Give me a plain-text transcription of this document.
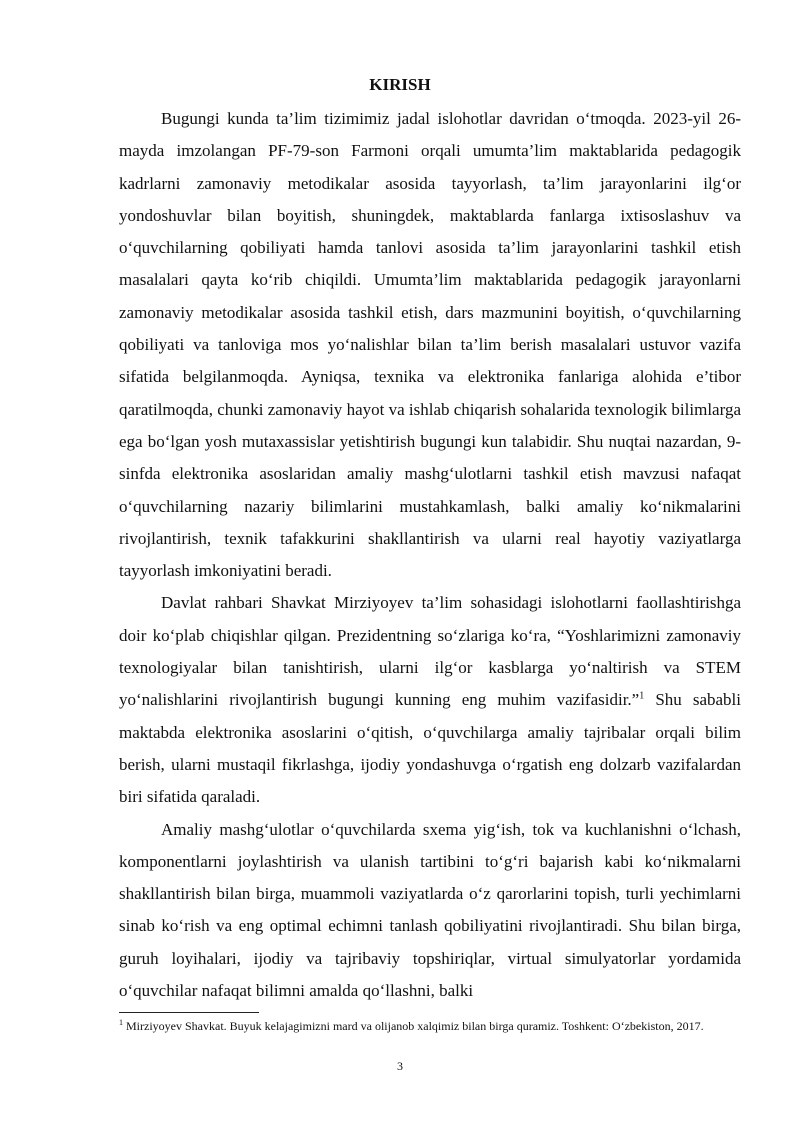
KIRISH

Bugungi kunda ta’lim tizimimiz jadal islohotlar davridan o‘tmoqda. 2023-yil 26-mayda imzolangan PF-79-son Farmoni orqali umumta’lim maktablarida pedagogik kadrlarni zamonaviy metodikalar asosida tayyorlash, ta’lim jarayonlarini ilg‘or yondoshuvlar bilan boyitish, shuningdek, maktablarda fanlarga ixtisoslashuv va o‘quvchilarning qobiliyati hamda tanlovi asosida ta’lim jarayonlarini tashkil etish masalalari qayta ko‘rib chiqildi. Umumta’lim maktablarida pedagogik jarayonlarni zamonaviy metodikalar asosida tashkil etish, dars mazmunini boyitish, o‘quvchilarning qobiliyati va tanloviga mos yo‘nalishlar bilan ta’lim berish masalalari ustuvor vazifa sifatida belgilanmoqda. Ayniqsa, texnika va elektronika fanlariga alohida e’tibor qaratilmoqda, chunki zamonaviy hayot va ishlab chiqarish sohalarida texnologik bilimlarga ega bo‘lgan yosh mutaxassislar yetishtirish bugungi kun talabidir. Shu nuqtai nazardan, 9-sinfda elektronika asoslaridan amaliy mashg‘ulotlarni tashkil etish mavzusi nafaqat o‘quvchilarning nazariy bilimlarini mustahkamlash, balki amaliy ko‘nikmalarini rivojlantirish, texnik tafakkurini shakllantirish va ularni real hayotiy vaziyatlarga tayyorlash imkoniyatini beradi.

Davlat rahbari Shavkat Mirziyoyev ta’lim sohasidagi islohotlarni faollashtirishga doir ko‘plab chiqishlar qilgan. Prezidentning so‘zlariga ko‘ra, “Yoshlarimizni zamonaviy texnologiyalar bilan tanishtirish, ularni ilg‘or kasblarga yo‘naltirish va STEM yo‘nalishlarini rivojlantirish bugungi kunning eng muhim vazifasidir.”$^1$ Shu sababli maktabda elektronika asoslarini o‘qitish, o‘quvchilarga amaliy tajribalar orqali bilim berish, ularni mustaqil fikrlashga, ijodiy yondashuvga o‘rgatish eng dolzarb vazifalardan biri sifatida qaraladi.

Amaliy mashg‘ulotlar o‘quvchilarda sxema yig‘ish, tok va kuchlanishni o‘lchash, komponentlarni joylashtirish va ulanish tartibini to‘g‘ri bajarish kabi ko‘nikmalarni shakllantirish bilan birga, muammoli vaziyatlarda o‘z qarorlarini topish, turli yechimlarni sinab ko‘rish va eng optimal echimni tanlash qobiliyatini rivojlantiradi. Shu bilan birga, guruh loyihalari, ijodiy va tajribaviy topshiriqlar, virtual simulyatorlar yordamida o‘quvchilar nafaqat bilimni amalda qo‘llashni, balki

$^1$ Mirziyoyev Shavkat. Buyuk kelajagimizni mard va olijanob xalqimiz bilan birga quramiz. Toshkent: O‘zbekiston, 2017.
3
